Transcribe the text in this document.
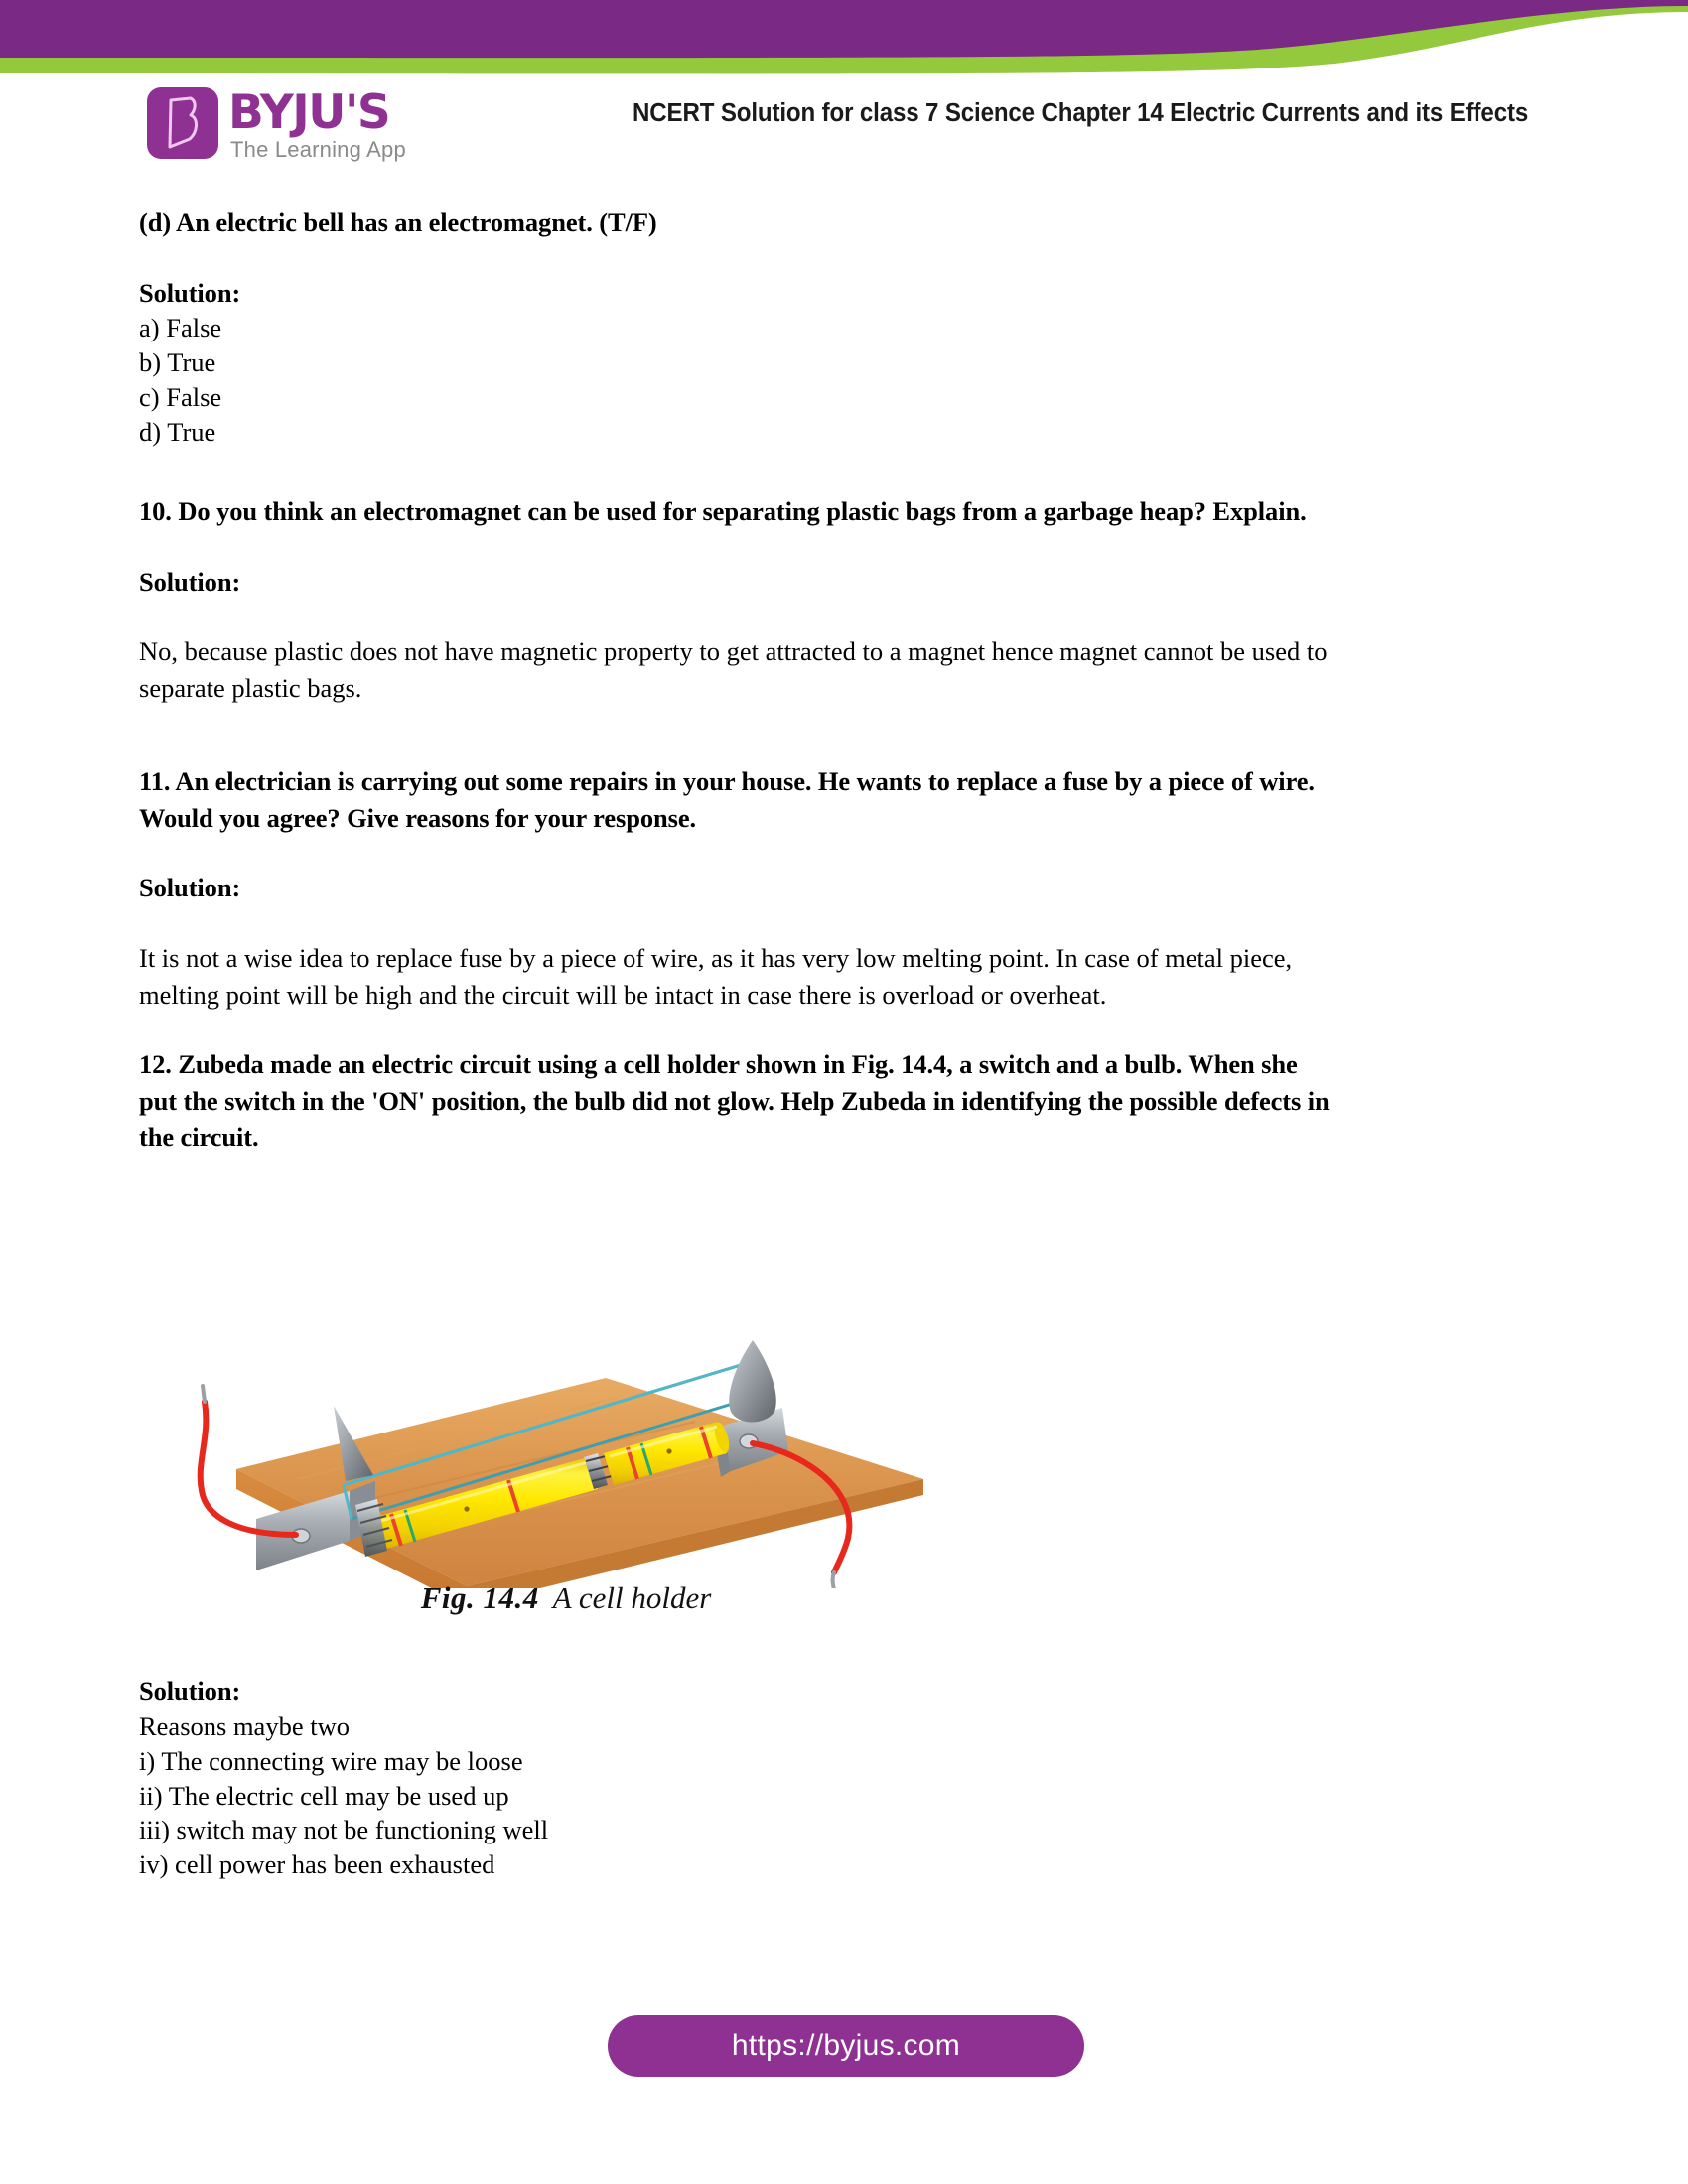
BYJU'S
The Learning App
NCERT Solution for class 7 Science Chapter 14 Electric Currents and its Effects

(d) An electric bell has an electromagnet. (T/F)

Solution:

a) False

b) True

c) False

d) True

10. Do you think an electromagnet can be used for separating plastic bags from a garbage heap? Explain.

Solution:

No, because plastic does not have magnetic property to get attracted to a magnet hence magnet cannot be used to

separate plastic bags.

11. An electrician is carrying out some repairs in your house. He wants to replace a fuse by a piece of wire.

Would you agree? Give reasons for your response.

Solution:

It is not a wise idea to replace fuse by a piece of wire, as it has very low melting point. In case of metal piece,

melting point will be high and the circuit will be intact in case there is overload or overheat.

12. Zubeda made an electric circuit using a cell holder shown in Fig. 14.4, a switch and a bulb. When she

put the switch in the 'ON' position, the bulb did not glow. Help Zubeda in identifying the possible defects in

the circuit.

Fig. 14.4 A cell holder

Solution:

Reasons maybe two

i) The connecting wire may be loose

ii) The electric cell may be used up

iii) switch may not be functioning well

iv) cell power has been exhausted

https://byjus.com
